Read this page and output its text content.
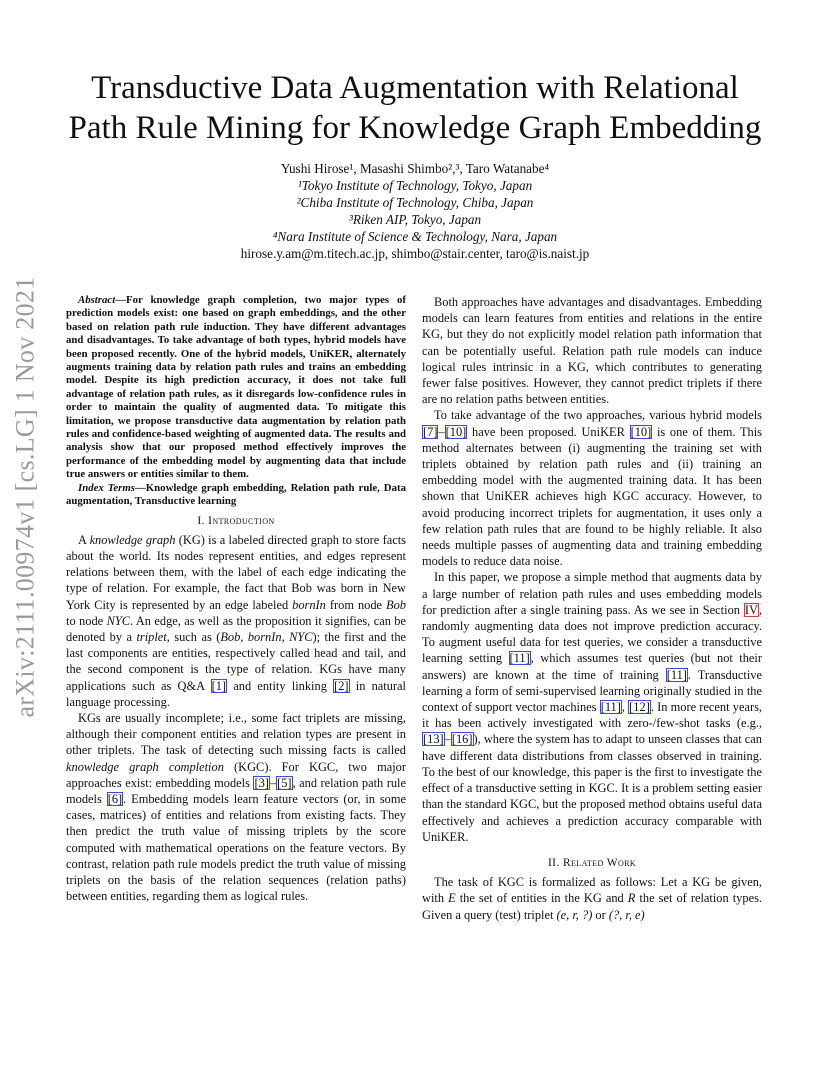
arXiv:2111.00974v1 [cs.LG] 1 Nov 2021
Transductive Data Augmentation with Relational
Path Rule Mining for Knowledge Graph Embedding
Yushi Hirose¹, Masashi Shimbo²,³, Taro Watanabe⁴
¹Tokyo Institute of Technology, Tokyo, Japan
²Chiba Institute of Technology, Chiba, Japan
³Riken AIP, Tokyo, Japan
⁴Nara Institute of Science & Technology, Nara, Japan
hirose.y.am@m.titech.ac.jp, shimbo@stair.center, taro@is.naist.jp

Abstract—For knowledge graph completion, two major types of prediction models exist: one based on graph embeddings, and the other based on relation path rule induction. They have different advantages and disadvantages. To take advantage of both types, hybrid models have been proposed recently. One of the hybrid models, UniKER, alternately augments training data by relation path rules and trains an embedding model. Despite its high prediction accuracy, it does not take full advantage of relation path rules, as it disregards low-confidence rules in order to maintain the quality of augmented data. To mitigate this limitation, we propose transductive data augmentation by relation path rules and confidence-based weighting of augmented data. The results and analysis show that our proposed method effectively improves the performance of the embedding model by augmenting data that include true answers or entities similar to them.

Index Terms—Knowledge graph embedding, Relation path rule, Data augmentation, Transductive learning

I. Introduction

A knowledge graph (KG) is a labeled directed graph to store facts about the world. Its nodes represent entities, and edges represent relations between them, with the label of each edge indicating the type of relation. For example, the fact that Bob was born in New York City is represented by an edge labeled bornIn from node Bob to node NYC. An edge, as well as the proposition it signifies, can be denoted by a triplet, such as (Bob, bornIn, NYC); the first and the last components are entities, respectively called head and tail, and the second component is the type of relation. KGs have many applications such as Q&A [1] and entity linking [2] in natural language processing.

KGs are usually incomplete; i.e., some fact triplets are missing, although their component entities and relation types are present in other triplets. The task of detecting such missing facts is called knowledge graph completion (KGC). For KGC, two major approaches exist: embedding models [3]–[5], and relation path rule models [6]. Embedding models learn feature vectors (or, in some cases, matrices) of entities and relations from existing facts. They then predict the truth value of missing triplets by the score computed with mathematical operations on the feature vectors. By contrast, relation path rule models predict the truth value of missing triplets on the basis of the relation sequences (relation paths) between entities, regarding them as logical rules.

Both approaches have advantages and disadvantages. Embedding models can learn features from entities and relations in the entire KG, but they do not explicitly model relation path information that can be potentially useful. Relation path rule models can induce logical rules intrinsic in a KG, which contributes to generating fewer false positives. However, they cannot predict triplets if there are no relation paths between entities.

To take advantage of the two approaches, various hybrid models [7]–[10] have been proposed. UniKER [10] is one of them. This method alternates between (i) augmenting the training set with triplets obtained by relation path rules and (ii) training an embedding model with the augmented training data. It has been shown that UniKER achieves high KGC accuracy. However, to avoid producing incorrect triplets for augmentation, it uses only a few relation path rules that are found to be highly reliable. It also needs multiple passes of augmenting data and training embedding models to reduce data noise.

In this paper, we propose a simple method that augments data by a large number of relation path rules and uses embedding models for prediction after a single training pass. As we see in Section IV, randomly augmenting data does not improve prediction accuracy. To augment useful data for test queries, we consider a transductive learning setting [11], which assumes test queries (but not their answers) are known at the time of training [11]. Transductive learning a form of semi-supervised learning originally studied in the context of support vector machines [11], [12]. In more recent years, it has been actively investigated with zero-/few-shot tasks (e.g., [13]–[16]), where the system has to adapt to unseen classes that can have different data distributions from classes observed in training. To the best of our knowledge, this paper is the first to investigate the effect of a transductive setting in KGC. It is a problem setting easier than the standard KGC, but the proposed method obtains useful data effectively and achieves a prediction accuracy comparable with UniKER.

II. Related Work

The task of KGC is formalized as follows: Let a KG be given, with E the set of entities in the KG and R the set of relation types. Given a query (test) triplet (e, r, ?) or (?, r, e)
